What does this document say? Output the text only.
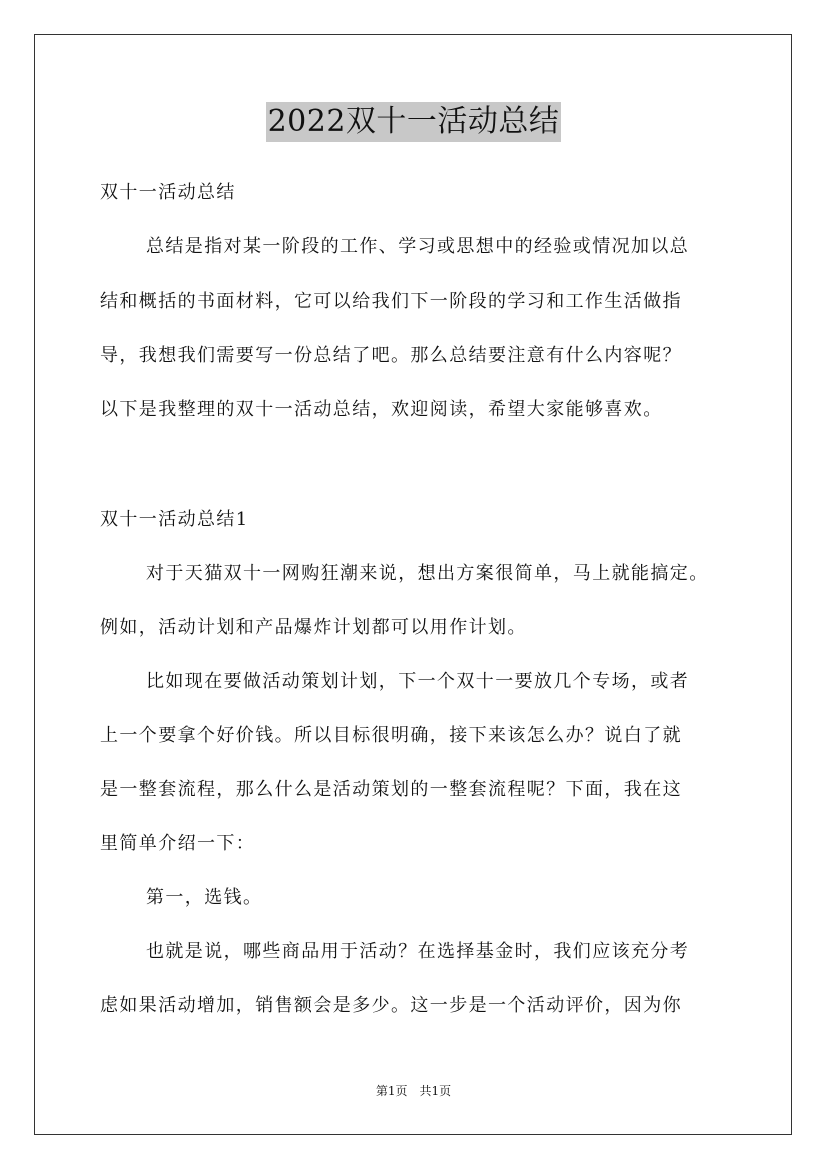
2022双十一活动总结
双十一活动总结
总结是指对某一阶段的工作、学习或思想中的经验或情况加以总
结和概括的书面材料，它可以给我们下一阶段的学习和工作生活做指
导，我想我们需要写一份总结了吧。那么总结要注意有什么内容呢？
以下是我整理的双十一活动总结，欢迎阅读，希望大家能够喜欢。
双十一活动总结1
对于天猫双十一网购狂潮来说，想出方案很简单，马上就能搞定。
例如，活动计划和产品爆炸计划都可以用作计划。
比如现在要做活动策划计划，下一个双十一要放几个专场，或者
上一个要拿个好价钱。所以目标很明确，接下来该怎么办？说白了就
是一整套流程，那么什么是活动策划的一整套流程呢？下面，我在这
里简单介绍一下：
第一，选钱。
也就是说，哪些商品用于活动？在选择基金时，我们应该充分考
虑如果活动增加，销售额会是多少。这一步是一个活动评价，因为你
第1页　共1页
